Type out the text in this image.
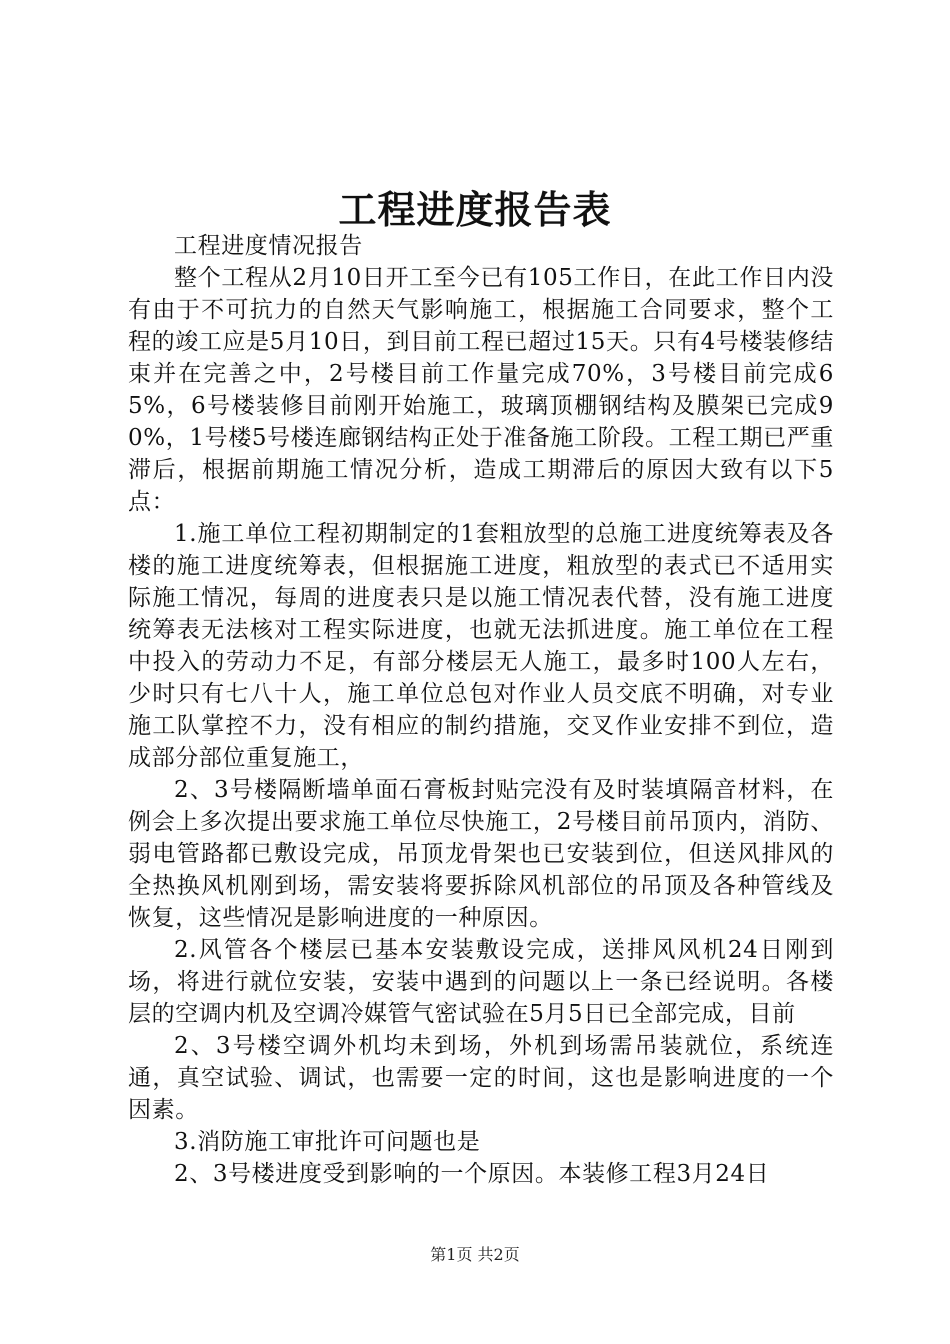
工程进度报告表

工程进度情况报告

整个工程从2月10日开工至今已有105工作日，在此工作日内没有由于不可抗力的自然天气影响施工，根据施工合同要求，整个工程的竣工应是5月10日，到目前工程已超过15天。只有4号楼装修结束并在完善之中，2号楼目前工作量完成70%，3号楼目前完成65%，6号楼装修目前刚开始施工，玻璃顶棚钢结构及膜架已完成90%，1号楼5号楼连廊钢结构正处于准备施工阶段。工程工期已严重滞后，根据前期施工情况分析，造成工期滞后的原因大致有以下5点：

1.施工单位工程初期制定的1套粗放型的总施工进度统筹表及各楼的施工进度统筹表，但根据施工进度，粗放型的表式已不适用实际施工情况，每周的进度表只是以施工情况表代替，没有施工进度统筹表无法核对工程实际进度，也就无法抓进度。施工单位在工程中投入的劳动力不足，有部分楼层无人施工，最多时100人左右，少时只有七八十人，施工单位总包对作业人员交底不明确，对专业施工队掌控不力，没有相应的制约措施，交叉作业安排不到位，造成部分部位重复施工，

2、3号楼隔断墙单面石膏板封贴完没有及时装填隔音材料，在例会上多次提出要求施工单位尽快施工，2号楼目前吊顶内，消防、弱电管路都已敷设完成，吊顶龙骨架也已安装到位，但送风排风的全热换风机刚到场，需安装将要拆除风机部位的吊顶及各种管线及恢复，这些情况是影响进度的一种原因。

2.风管各个楼层已基本安装敷设完成，送排风风机24日刚到场，将进行就位安装，安装中遇到的问题以上一条已经说明。各楼层的空调内机及空调冷媒管气密试验在5月5日已全部完成，目前

2、3号楼空调外机均未到场，外机到场需吊装就位，系统连通，真空试验、调试，也需要一定的时间，这也是影响进度的一个因素。

3.消防施工审批许可问题也是

2、3号楼进度受到影响的一个原因。本装修工程3月24日

第1页 共2页
